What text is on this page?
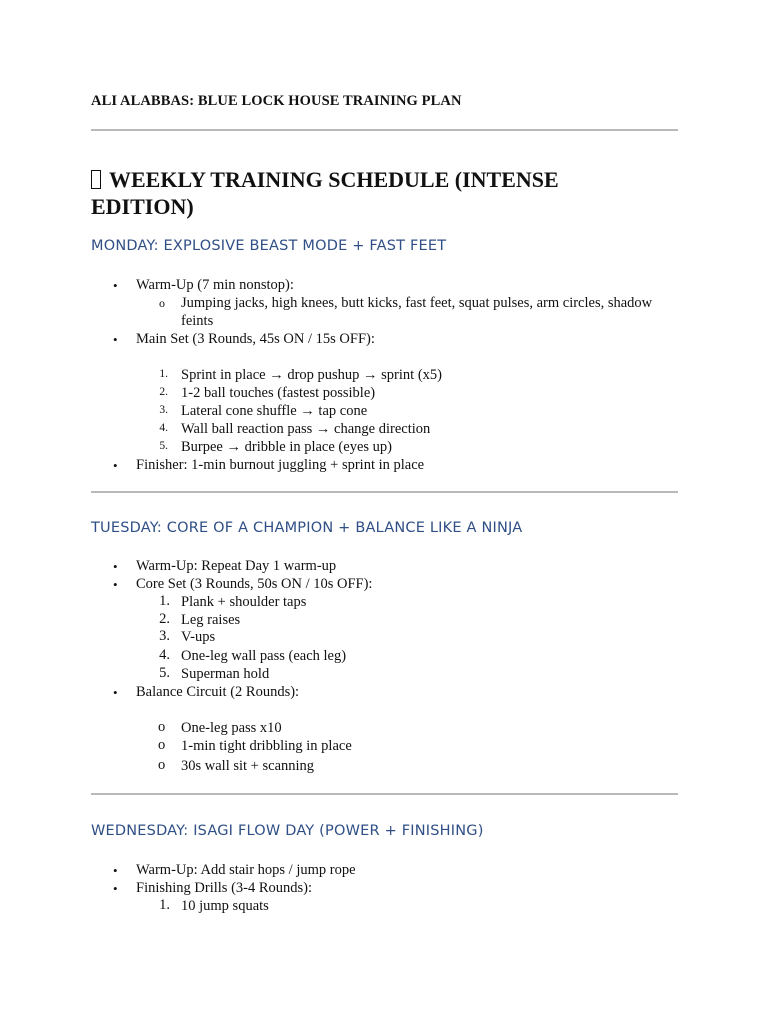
ALI ALABBAS: BLUE LOCK HOUSE TRAINING PLAN
WEEKLY TRAINING SCHEDULE (INTENSE EDITION)
MONDAY: EXPLOSIVE BEAST MODE + FAST FEET
• Warm-Up (7 min nonstop):
o Jumping jacks, high knees, butt kicks, fast feet, squat pulses, arm circles, shadow feints
• Main Set (3 Rounds, 45s ON / 15s OFF):
1. Sprint in place → drop pushup → sprint (x5)
2. 1-2 ball touches (fastest possible)
3. Lateral cone shuffle → tap cone
4. Wall ball reaction pass → change direction
5. Burpee → dribble in place (eyes up)
• Finisher: 1-min burnout juggling + sprint in place
TUESDAY: CORE OF A CHAMPION + BALANCE LIKE A NINJA
• Warm-Up: Repeat Day 1 warm-up
• Core Set (3 Rounds, 50s ON / 10s OFF):
1. Plank + shoulder taps
2. Leg raises
3. V-ups
4. One-leg wall pass (each leg)
5. Superman hold
• Balance Circuit (2 Rounds):
o One-leg pass x10
o 1-min tight dribbling in place
o 30s wall sit + scanning
WEDNESDAY: ISAGI FLOW DAY (POWER + FINISHING)
• Warm-Up: Add stair hops / jump rope
• Finishing Drills (3-4 Rounds):
1. 10 jump squats
